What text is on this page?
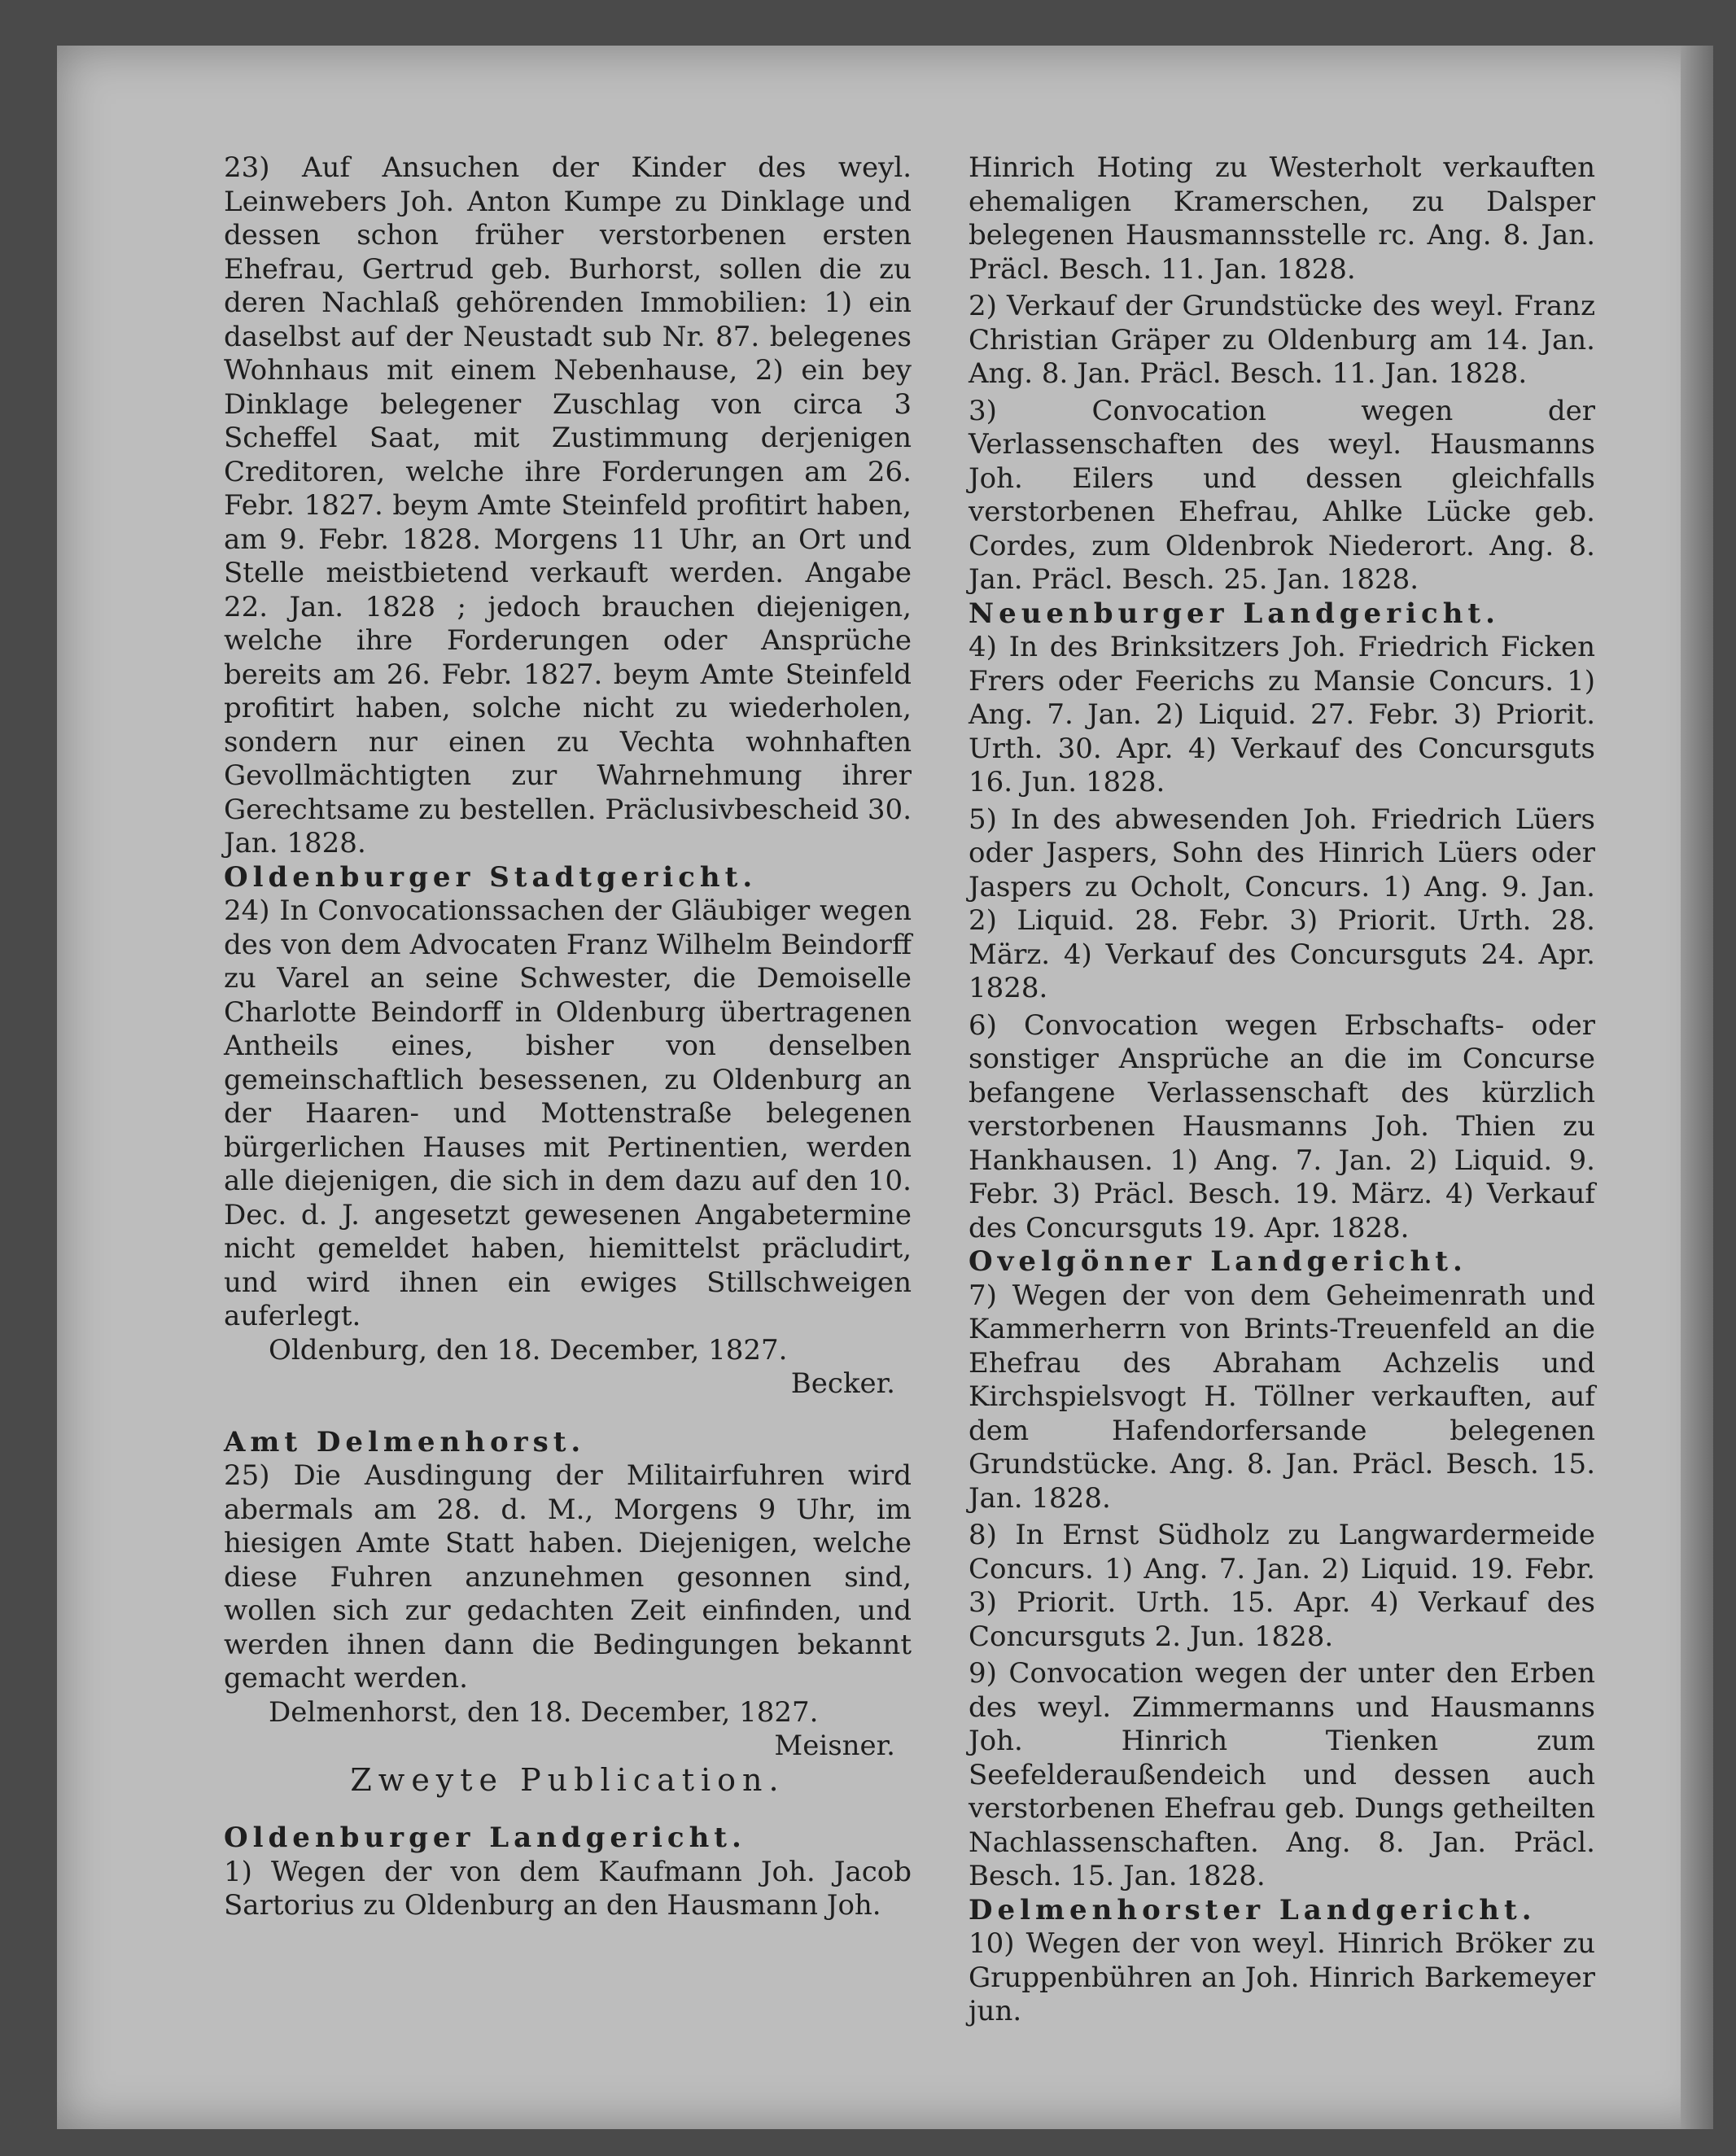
23) Auf Ansuchen der Kinder des weyl. Leinwebers Joh. Anton Kumpe zu Dinklage und dessen schon früher verstorbenen ersten Ehefrau, Gertrud geb. Burhorst, sollen die zu deren Nachlaß gehörenden Immobilien: 1) ein daselbst auf der Neustadt sub Nr. 87. belegenes Wohnhaus mit einem Nebenhause, 2) ein bey Dinklage belegener Zuschlag von circa 3 Scheffel Saat, mit Zustimmung derjenigen Creditoren, welche ihre Forderungen am 26. Febr. 1827. beym Amte Steinfeld profitirt haben, am 9. Febr. 1828. Morgens 11 Uhr, an Ort und Stelle meistbietend verkauft werden. Angabe 22. Jan. 1828 ; jedoch brauchen diejenigen, welche ihre Forderungen oder Ansprüche bereits am 26. Febr. 1827. beym Amte Steinfeld profitirt haben, solche nicht zu wiederholen, sondern nur einen zu Vechta wohnhaften Gevollmächtigten zur Wahrnehmung ihrer Gerechtsame zu bestellen. Präclusivbescheid 30. Jan. 1828.

Oldenburger Stadtgericht.

24) In Convocationssachen der Gläubiger wegen des von dem Advocaten Franz Wilhelm Beindorff zu Varel an seine Schwester, die Demoiselle Charlotte Beindorff in Oldenburg übertragenen Antheils eines, bisher von denselben gemeinschaftlich besessenen, zu Oldenburg an der Haaren- und Mottenstraße belegenen bürgerlichen Hauses mit Pertinentien, werden alle diejenigen, die sich in dem dazu auf den 10. Dec. d. J. angesetzt gewesenen Angabetermine nicht gemeldet haben, hiemittelst präcludirt, und wird ihnen ein ewiges Stillschweigen auferlegt.

Oldenburg, den 18. December, 1827.

Becker.

Amt Delmenhorst.

25) Die Ausdingung der Militairfuhren wird abermals am 28. d. M., Morgens 9 Uhr, im hiesigen Amte Statt haben. Diejenigen, welche diese Fuhren anzunehmen gesonnen sind, wollen sich zur gedachten Zeit einfinden, und werden ihnen dann die Bedingungen bekannt gemacht werden.

Delmenhorst, den 18. December, 1827.

Meisner.

Zweyte Publication.

Oldenburger Landgericht.

1) Wegen der von dem Kaufmann Joh. Jacob Sartorius zu Oldenburg an den Hausmann Joh.

Hinrich Hoting zu Westerholt verkauften ehemaligen Kramerschen, zu Dalsper belegenen Hausmannsstelle rc. Ang. 8. Jan. Präcl. Besch. 11. Jan. 1828.

2) Verkauf der Grundstücke des weyl. Franz Christian Gräper zu Oldenburg am 14. Jan. Ang. 8. Jan. Präcl. Besch. 11. Jan. 1828.

3) Convocation wegen der Verlassenschaften des weyl. Hausmanns Joh. Eilers und dessen gleichfalls verstorbenen Ehefrau, Ahlke Lücke geb. Cordes, zum Oldenbrok Niederort. Ang. 8. Jan. Präcl. Besch. 25. Jan. 1828.

Neuenburger Landgericht.

4) In des Brinksitzers Joh. Friedrich Ficken Frers oder Feerichs zu Mansie Concurs. 1) Ang. 7. Jan. 2) Liquid. 27. Febr. 3) Priorit. Urth. 30. Apr. 4) Verkauf des Concursguts 16. Jun. 1828.

5) In des abwesenden Joh. Friedrich Lüers oder Jaspers, Sohn des Hinrich Lüers oder Jaspers zu Ocholt, Concurs. 1) Ang. 9. Jan. 2) Liquid. 28. Febr. 3) Priorit. Urth. 28. März. 4) Verkauf des Concursguts 24. Apr. 1828.

6) Convocation wegen Erbschafts- oder sonstiger Ansprüche an die im Concurse befangene Verlassenschaft des kürzlich verstorbenen Hausmanns Joh. Thien zu Hankhausen. 1) Ang. 7. Jan. 2) Liquid. 9. Febr. 3) Präcl. Besch. 19. März. 4) Verkauf des Concursguts 19. Apr. 1828.

Ovelgönner Landgericht.

7) Wegen der von dem Geheimenrath und Kammerherrn von Brints-Treuenfeld an die Ehefrau des Abraham Achzelis und Kirchspielsvogt H. Töllner verkauften, auf dem Hafendorfersande belegenen Grundstücke. Ang. 8. Jan. Präcl. Besch. 15. Jan. 1828.

8) In Ernst Südholz zu Langwardermeide Concurs. 1) Ang. 7. Jan. 2) Liquid. 19. Febr. 3) Priorit. Urth. 15. Apr. 4) Verkauf des Concursguts 2. Jun. 1828.

9) Convocation wegen der unter den Erben des weyl. Zimmermanns und Hausmanns Joh. Hinrich Tienken zum Seefelderaußendeich und dessen auch verstorbenen Ehefrau geb. Dungs getheilten Nachlassenschaften. Ang. 8. Jan. Präcl. Besch. 15. Jan. 1828.

Delmenhorster Landgericht.

10) Wegen der von weyl. Hinrich Bröker zu Gruppenbühren an Joh. Hinrich Barkemeyer jun.
